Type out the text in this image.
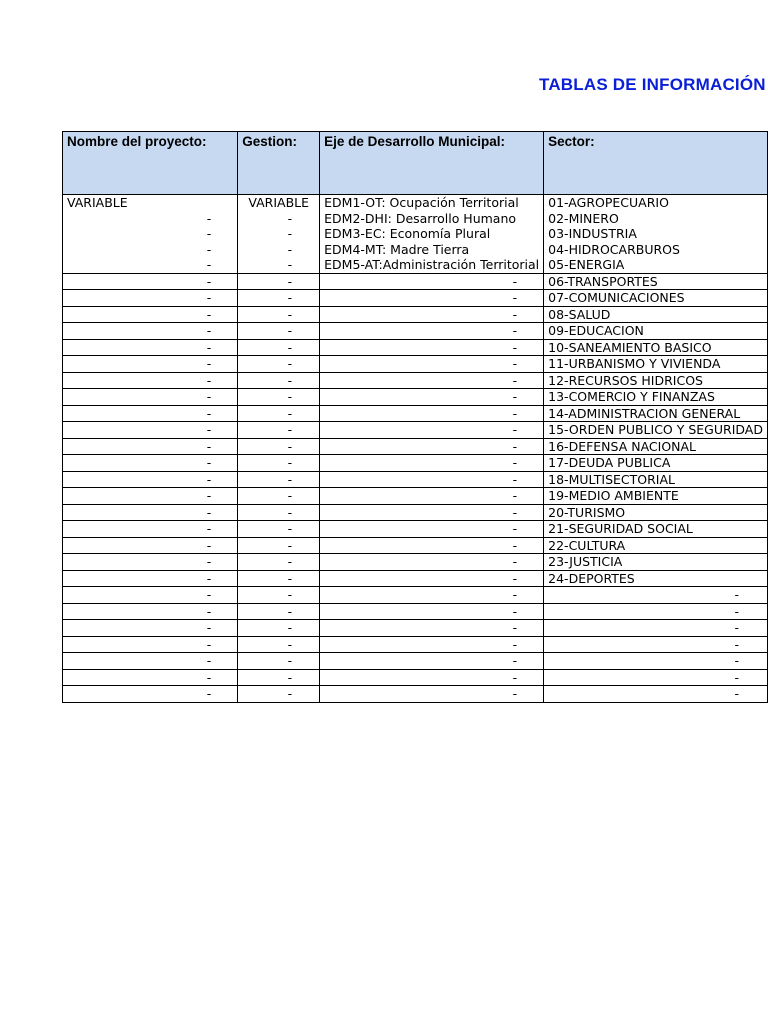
TABLAS DE INFORMACIÓN
Nombre del proyecto:	Gestion:	Eje de Desarrollo Municipal:	Sector:
VARIABLE	VARIABLE	EDM1-OT: Ocupación Territorial	01-AGROPECUARIO
-	-	EDM2-DHI: Desarrollo Humano	02-MINERO
-	-	EDM3-EC: Economía Plural	03-INDUSTRIA
-	-	EDM4-MT: Madre Tierra	04-HIDROCARBUROS
-	-	EDM5-AT:Administración Territorial	05-ENERGIA
-	-	-	06-TRANSPORTES
-	-	-	07-COMUNICACIONES
-	-	-	08-SALUD
-	-	-	09-EDUCACION
-	-	-	10-SANEAMIENTO BASICO
-	-	-	11-URBANISMO Y VIVIENDA
-	-	-	12-RECURSOS HIDRICOS
-	-	-	13-COMERCIO Y FINANZAS
-	-	-	14-ADMINISTRACION GENERAL
-	-	-	15-ORDEN PUBLICO Y SEGURIDAD
-	-	-	16-DEFENSA NACIONAL
-	-	-	17-DEUDA PUBLICA
-	-	-	18-MULTISECTORIAL
-	-	-	19-MEDIO AMBIENTE
-	-	-	20-TURISMO
-	-	-	21-SEGURIDAD SOCIAL
-	-	-	22-CULTURA
-	-	-	23-JUSTICIA
-	-	-	24-DEPORTES
-	-	-	-
-	-	-	-
-	-	-	-
-	-	-	-
-	-	-	-
-	-	-	-
-	-	-	-
